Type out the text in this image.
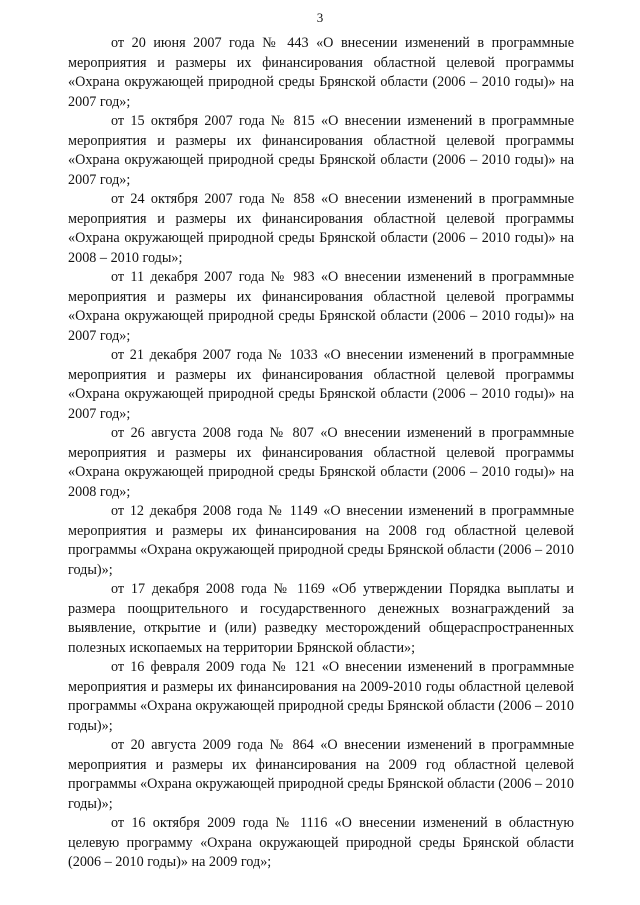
3

от 20 июня 2007 года № 443 «О внесении изменений в программные мероприятия и размеры их финансирования областной целевой программы «Охрана окружающей природной среды Брянской области (2006 – 2010 годы)» на 2007 год»;

от 15 октября 2007 года № 815 «О внесении изменений в программные мероприятия и размеры их финансирования областной целевой программы «Охрана окружающей природной среды Брянской области (2006 – 2010 годы)» на 2007 год»;

от 24 октября 2007 года № 858 «О внесении изменений в программные мероприятия и размеры их финансирования областной целевой программы «Охрана окружающей природной среды Брянской области (2006 – 2010 годы)» на 2008 – 2010 годы»;

от 11 декабря 2007 года № 983 «О внесении изменений в программные мероприятия и размеры их финансирования областной целевой программы «Охрана окружающей природной среды Брянской области (2006 – 2010 годы)» на 2007 год»;

от 21 декабря 2007 года № 1033 «О внесении изменений в программные мероприятия и размеры их финансирования областной целевой программы «Охрана окружающей природной среды Брянской области (2006 – 2010 годы)» на 2007 год»;

от 26 августа 2008 года № 807 «О внесении изменений в программные мероприятия и размеры их финансирования областной целевой программы «Охрана окружающей природной среды Брянской области (2006 – 2010 годы)» на 2008 год»;

от 12 декабря 2008 года № 1149 «О внесении изменений в программные мероприятия и размеры их финансирования на 2008 год областной целевой программы «Охрана окружающей природной среды Брянской области (2006 – 2010 годы)»;

от 17 декабря 2008 года № 1169 «Об утверждении Порядка выплаты и размера поощрительного и государственного денежных вознаграждений за выявление, открытие и (или) разведку месторождений общераспространенных полезных ископаемых на территории Брянской области»;

от 16 февраля 2009 года № 121 «О внесении изменений в программные мероприятия и размеры их финансирования на 2009-2010 годы областной целевой программы «Охрана окружающей природной среды Брянской области (2006 – 2010 годы)»;

от 20 августа 2009 года № 864 «О внесении изменений в программные мероприятия и размеры их финансирования на 2009 год областной целевой программы «Охрана окружающей природной среды Брянской области (2006 – 2010 годы)»;

от 16 октября 2009 года № 1116 «О внесении изменений в областную целевую программу «Охрана окружающей природной среды Брянской области (2006 – 2010 годы)» на 2009 год»;
